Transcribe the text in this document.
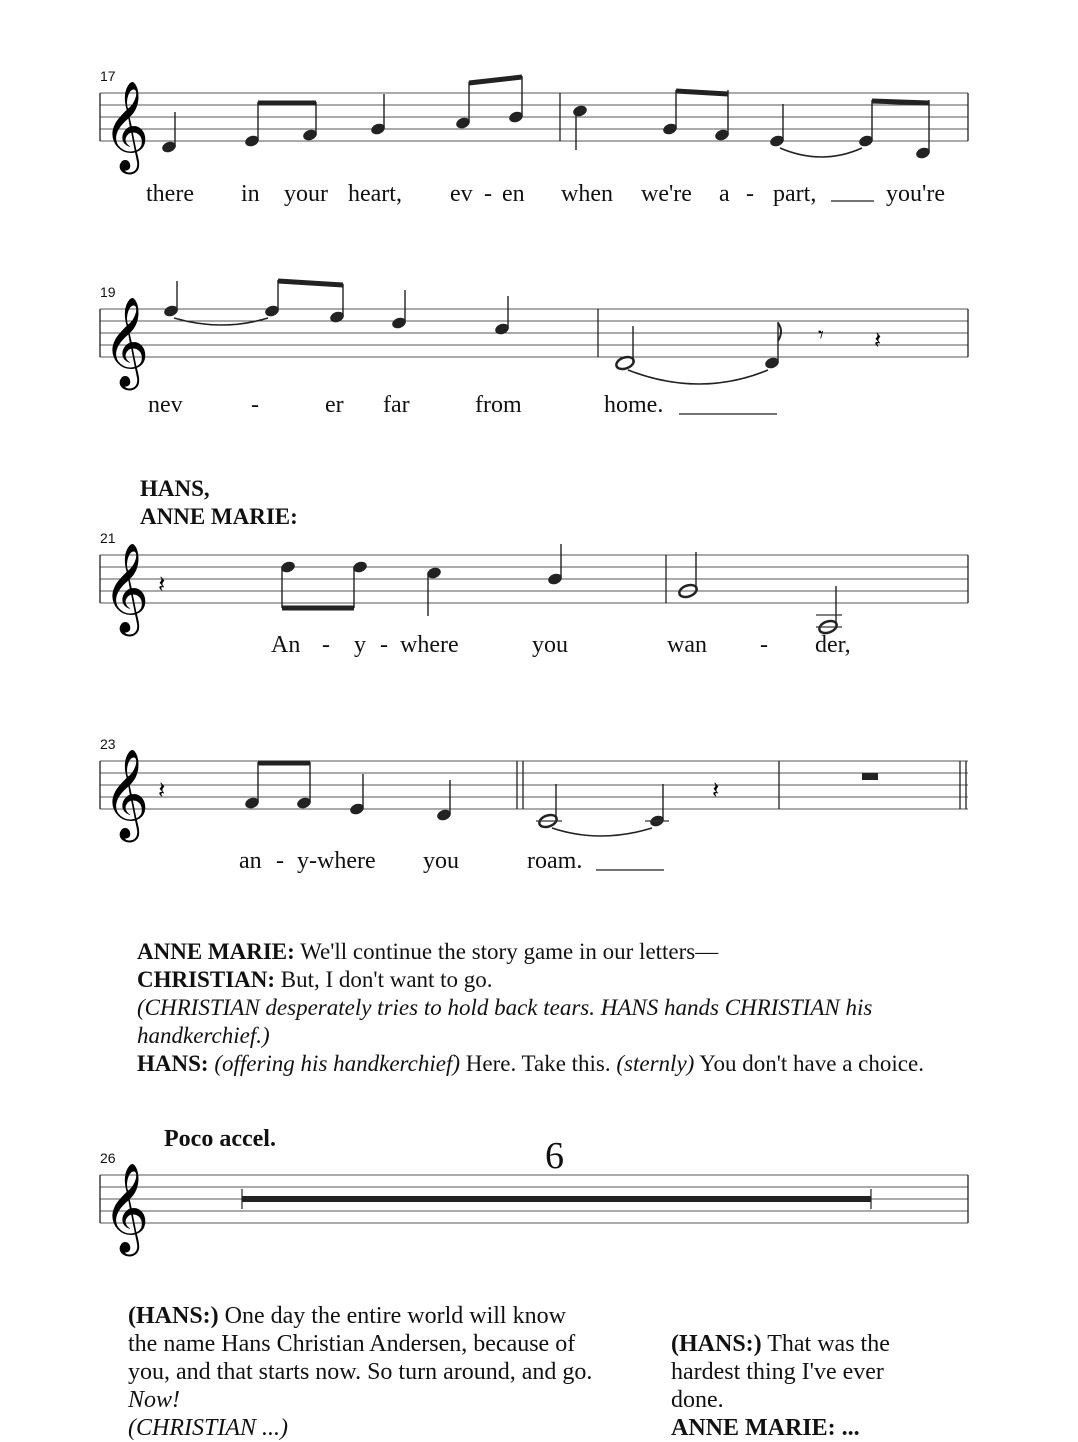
17
𝄞
there in your heart, ev - en when we're a - part,	you're
19
𝄞	𝄾 𝄽
nev	-	er far	from	home.
HANS,
ANNE MARIE:
21
𝄞 𝄽
An - y - where	you	wan - der,
23
𝄞 𝄽	𝄽
an - y-where you	roam.
ANNE MARIE: We'll continue the story game in our letters—
CHRISTIAN: But, I don't want to go.
(CHRISTIAN desperately tries to hold back tears. HANS hands CHRISTIAN his handkerchief.)
HANS: (offering his handkerchief) Here. Take this. (sternly) You don't have a choice.
Poco accel.	6
26
𝄞
(HANS:) One day the entire world will know the name Hans Christian Andersen, because of you, and that starts now. So turn around, and go. Now!
(CHRISTIAN ...)
(HANS:) That was the hardest thing I've ever done.
ANNE MARIE: ...
